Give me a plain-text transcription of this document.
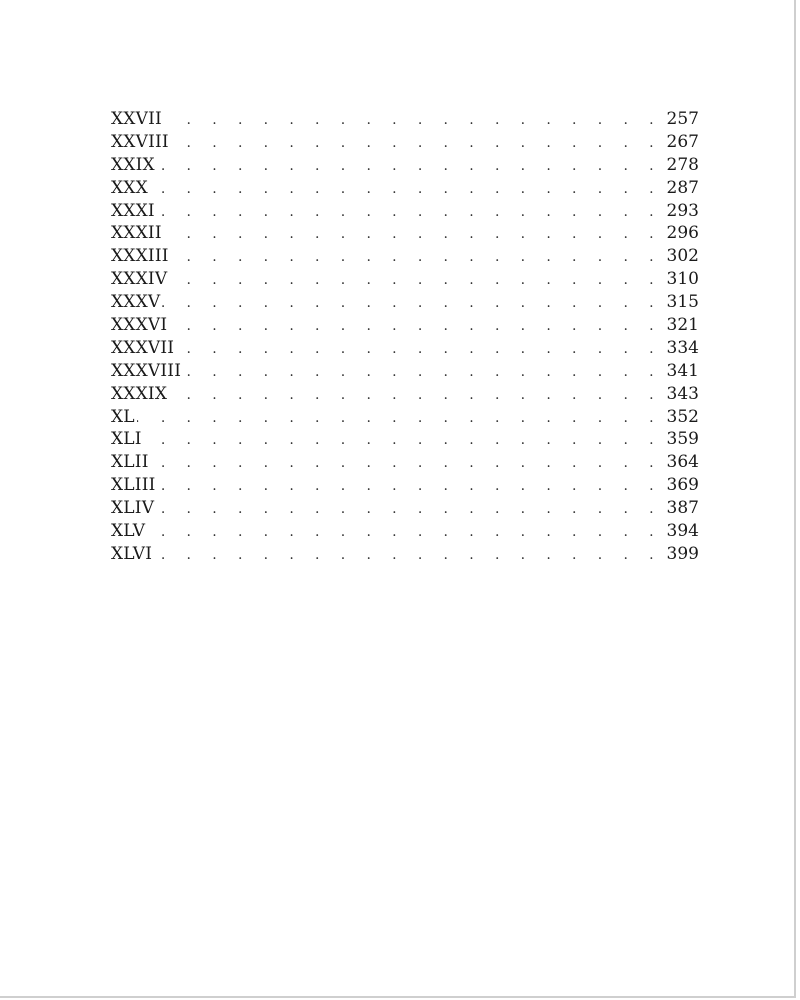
XXVII . . .	257
XXVIII . . .	267
XXIX . . .	278
XXX . . .	287
XXXI . . .	293
XXXII . . .	296
XXXIII . . .	302
XXXIV . . .	310
XXXV . . .	315
XXXVI . . .	321
XXXVII . . .	334
XXXVIII . . .	341
XXXIX . . .	343
XL . . .	352
XLI . . .	359
XLII . . .	364
XLIII . . .	369
XLIV . . .	387
XLV . . .	394
XLVI . . .	399
